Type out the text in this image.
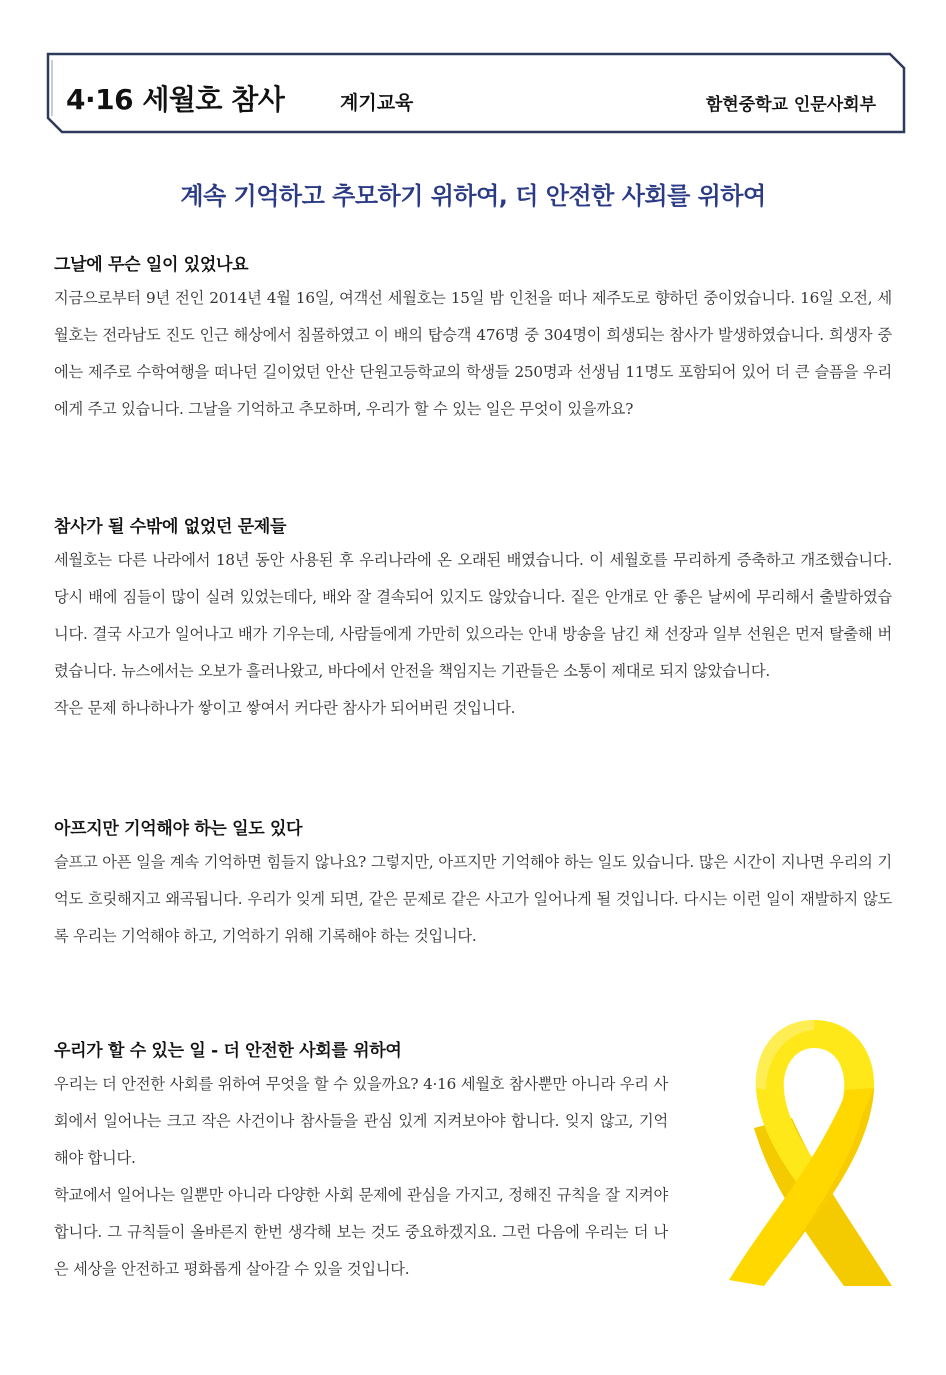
4·16 세월호 참사	계기교육	함현중학교 인문사회부
계속 기억하고 추모하기 위하여, 더 안전한 사회를 위하여
그날에 무슨 일이 있었나요

지금으로부터 9년 전인 2014년 4월 16일, 여객선 세월호는 15일 밤 인천을 떠나 제주도로 향하던 중이었습니다. 16일 오전, 세월호는 전라남도 진도 인근 해상에서 침몰하였고 이 배의 탑승객 476명 중 304명이 희생되는 참사가 발생하였습니다. 희생자 중에는 제주로 수학여행을 떠나던 길이었던 안산 단원고등학교의 학생들 250명과 선생님 11명도 포함되어 있어 더 큰 슬픔을 우리에게 주고 있습니다. 그날을 기억하고 추모하며, 우리가 할 수 있는 일은 무엇이 있을까요?

참사가 될 수밖에 없었던 문제들

세월호는 다른 나라에서 18년 동안 사용된 후 우리나라에 온 오래된 배였습니다. 이 세월호를 무리하게 증축하고 개조했습니다. 당시 배에 짐들이 많이 실려 있었는데다, 배와 잘 결속되어 있지도 않았습니다. 짙은 안개로 안 좋은 날씨에 무리해서 출발하였습니다. 결국 사고가 일어나고 배가 기우는데, 사람들에게 가만히 있으라는 안내 방송을 남긴 채 선장과 일부 선원은 먼저 탈출해 버렸습니다. 뉴스에서는 오보가 흘러나왔고, 바다에서 안전을 책임지는 기관들은 소통이 제대로 되지 않았습니다.

작은 문제 하나하나가 쌓이고 쌓여서 커다란 참사가 되어버린 것입니다.

아프지만 기억해야 하는 일도 있다

슬프고 아픈 일을 계속 기억하면 힘들지 않나요? 그렇지만, 아프지만 기억해야 하는 일도 있습니다. 많은 시간이 지나면 우리의 기억도 흐릿해지고 왜곡됩니다. 우리가 잊게 되면, 같은 문제로 같은 사고가 일어나게 될 것입니다. 다시는 이런 일이 재발하지 않도록 우리는 기억해야 하고, 기억하기 위해 기록해야 하는 것입니다.

우리가 할 수 있는 일 - 더 안전한 사회를 위하여

우리는 더 안전한 사회를 위하여 무엇을 할 수 있을까요? 4·16 세월호 참사뿐만 아니라 우리 사회에서 일어나는 크고 작은 사건이나 참사들을 관심 있게 지켜보아야 합니다. 잊지 않고, 기억해야 합니다.

학교에서 일어나는 일뿐만 아니라 다양한 사회 문제에 관심을 가지고, 정해진 규칙을 잘 지켜야 합니다. 그 규칙들이 올바른지 한번 생각해 보는 것도 중요하겠지요. 그런 다음에 우리는 더 나은 세상을 안전하고 평화롭게 살아갈 수 있을 것입니다.
